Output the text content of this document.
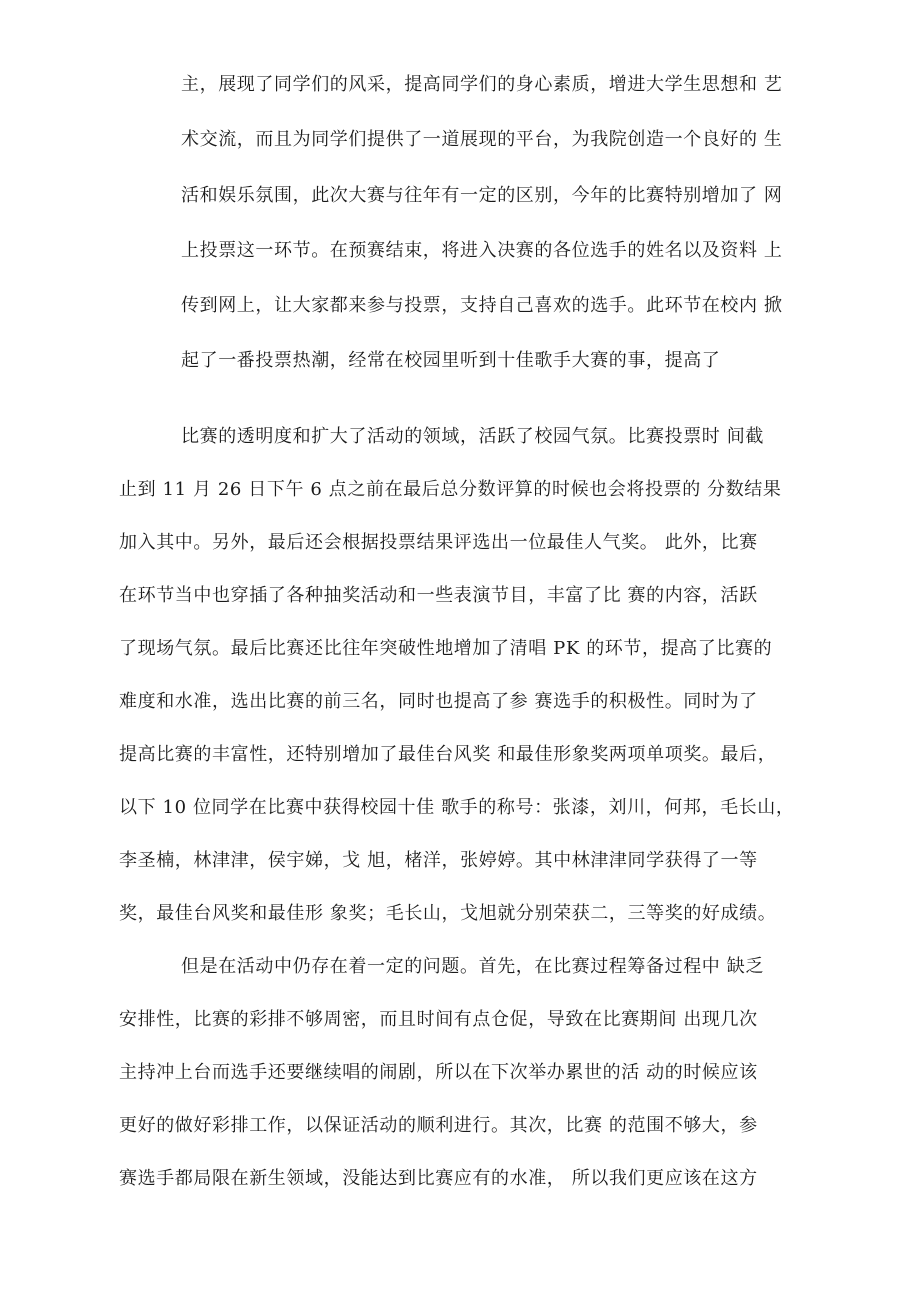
主，展现了同学们的风采，提高同学们的身心素质，增进大学生思想和 艺
术交流，而且为同学们提供了一道展现的平台，为我院创造一个良好的 生
活和娱乐氛围，此次大赛与往年有一定的区别，今年的比赛特别增加了 网
上投票这一环节。在预赛结束，将进入决赛的各位选手的姓名以及资料 上
传到网上，让大家都来参与投票，支持自己喜欢的选手。此环节在校内 掀
起了一番投票热潮，经常在校园里听到十佳歌手大赛的事，提高了
比赛的透明度和扩大了活动的领域，活跃了校园气氛。比赛投票时 间截
止到 11 月 26 日下午 6 点之前在最后总分数评算的时候也会将投票的 分数结果
加入其中。另外，最后还会根据投票结果评选出一位最佳人气奖。 此外，比赛
在环节当中也穿插了各种抽奖活动和一些表演节目，丰富了比 赛的内容，活跃
了现场气氛。最后比赛还比往年突破性地增加了清唱 PK 的环节，提高了比赛的
难度和水准，选出比赛的前三名，同时也提高了参 赛选手的积极性。同时为了
提高比赛的丰富性，还特别增加了最佳台风奖 和最佳形象奖两项单项奖。最后，
以下 10 位同学在比赛中获得校园十佳 歌手的称号：张漆，刘川，何邦，毛长山，
李圣楠，林津津，侯宇娣，戈 旭，楮洋，张婷婷。其中林津津同学获得了一等
奖，最佳台风奖和最佳形 象奖；毛长山，戈旭就分别荣获二，三等奖的好成绩。
但是在活动中仍存在着一定的问题。首先，在比赛过程筹备过程中 缺乏
安排性，比赛的彩排不够周密，而且时间有点仓促，导致在比赛期间 出现几次
主持冲上台而选手还要继续唱的闹剧，所以在下次举办累世的活 动的时候应该
更好的做好彩排工作，以保证活动的顺利进行。其次，比赛 的范围不够大，参
赛选手都局限在新生领域，没能达到比赛应有的水准， 所以我们更应该在这方
